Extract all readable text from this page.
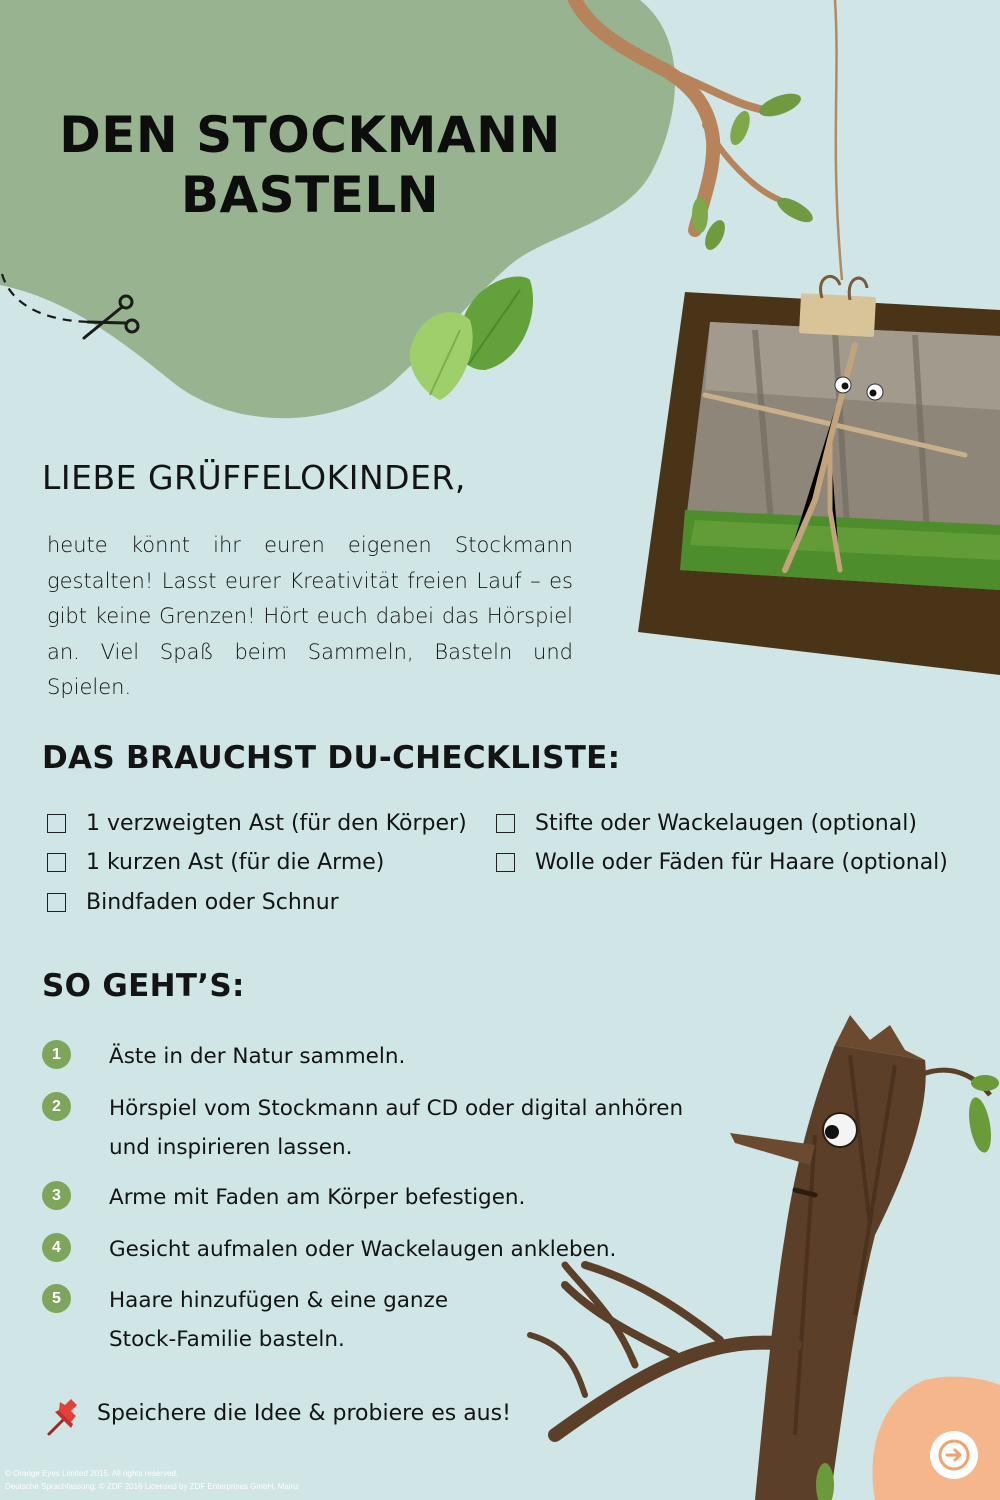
DEN STOCKMANN
BASTELN
LIEBE GRÜFFELOKINDER,
heute könnt ihr euren eigenen Stockmann gestalten! Lasst eurer Kreativität freien Lauf – es gibt keine Grenzen! Hört euch dabei das Hörspiel an. Viel Spaß beim Sammeln, Basteln und Spielen.
DAS BRAUCHST DU-CHECKLISTE:
1 verzweigten Ast (für den Körper)
1 kurzen Ast (für die Arme)
Bindfaden oder Schnur
Stifte oder Wackelaugen (optional)
Wolle oder Fäden für Haare (optional)
SO GEHT’S:
1	Äste in der Natur sammeln.
2	Hörspiel vom Stockmann auf CD oder digital anhören
und inspirieren lassen.
3	Arme mit Faden am Körper befestigen.
4	Gesicht aufmalen oder Wackelaugen ankleben.
5	Haare hinzufügen & eine ganze
Stock-Familie basteln.
Speichere die Idee & probiere es aus!
© Orange Eyes Limited 2015. All rights reserved.
Deutsche Sprachfassung: © ZDF 2016 Licensed by ZDF Enterprises GmbH, Mainz
